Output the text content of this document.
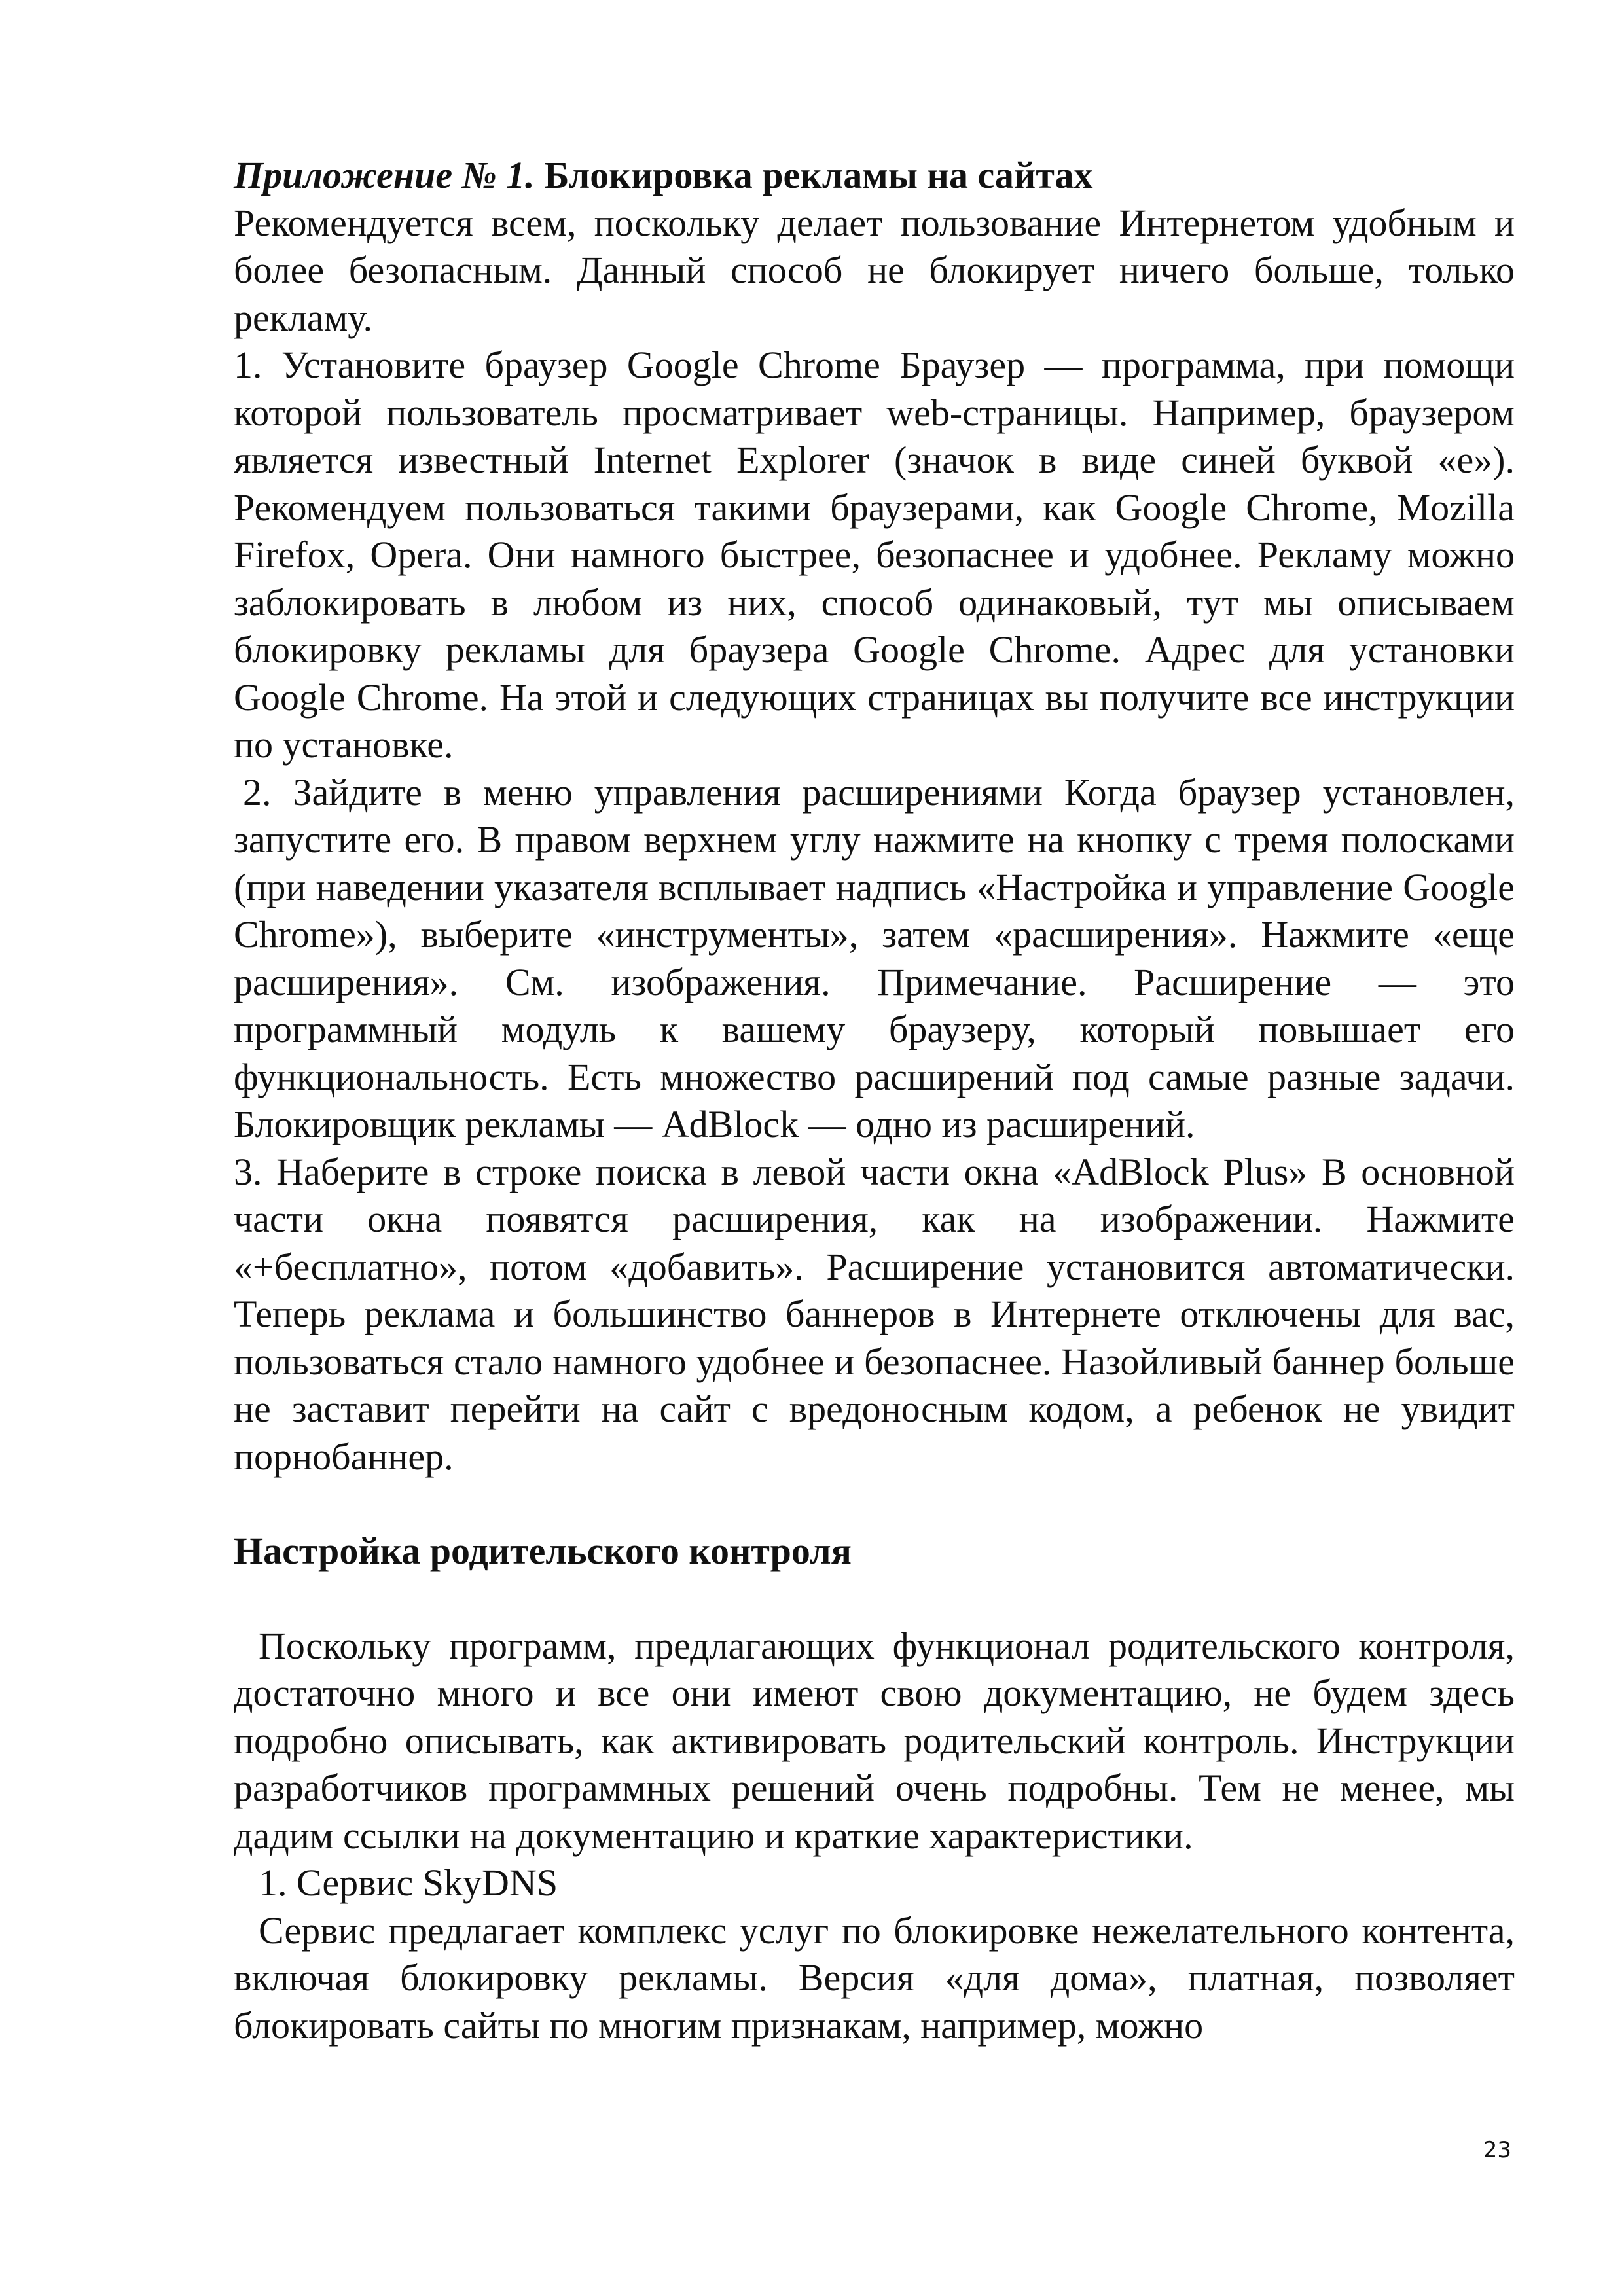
Приложение № 1. Блокировка рекламы на сайтах

Рекомендуется всем, поскольку делает пользование Интернетом удобным и более безопасным. Данный способ не блокирует ничего больше, только рекламу.

1. Установите браузер Google Chrome Браузер — программа, при помощи которой пользователь просматривает web-страницы. Например, браузером является известный Internet Explorer (значок в виде синей буквой «е»). Рекомендуем пользоваться такими браузерами, как Google Chrome, Mozilla Firefox, Opera. Они намного быстрее, безопаснее и удобнее. Рекламу можно заблокировать в любом из них, способ одинаковый, тут мы описываем блокировку рекламы для браузера Google Chrome. Адрес для установки Google Chrome. На этой и следующих страницах вы получите все инструкции по установке.

2. Зайдите в меню управления расширениями Когда браузер установлен, запустите его. В правом верхнем углу нажмите на кнопку с тремя полосками (при наведении указателя всплывает надпись «Настройка и управление Google Chrome»), выберите «инструменты», затем «расширения». Нажмите «еще расширения». См. изображения. Примечание. Расширение — это программный модуль к вашему браузеру, который повышает его функциональность. Есть множество расширений под самые разные задачи. Блокировщик рекламы — AdBlock — одно из расширений.

3. Наберите в строке поиска в левой части окна «AdBlock Plus» В основной части окна появятся расширения, как на изображении. Нажмите «+бесплатно», потом «добавить». Расширение установится автоматически. Теперь реклама и большинство баннеров в Интернете отключены для вас, пользоваться стало намного удобнее и безопаснее. Назойливый баннер больше не заставит перейти на сайт с вредоносным кодом, а ребенок не увидит порнобаннер.

Настройка родительского контроля

Поскольку программ, предлагающих функционал родительского контроля, достаточно много и все они имеют свою документацию, не будем здесь подробно описывать, как активировать родительский контроль. Инструкции разработчиков программных решений очень подробны. Тем не менее, мы дадим ссылки на документацию и краткие характеристики.

1. Сервис SkyDNS

Сервис предлагает комплекс услуг по блокировке нежелательного контента, включая блокировку рекламы. Версия «для дома», платная, позволяет блокировать сайты по многим признакам, например, можно

23
